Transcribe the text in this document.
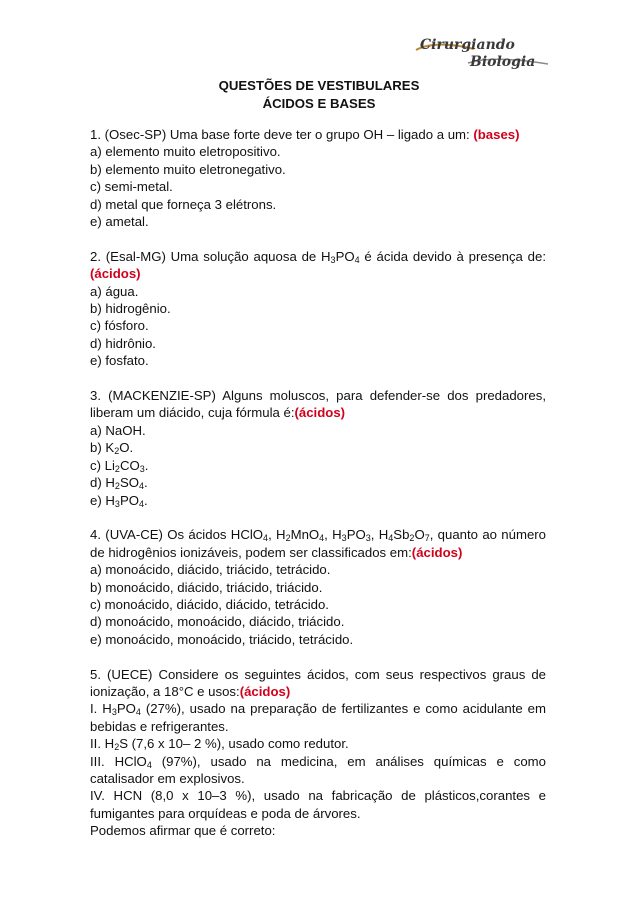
Cirurgiando
Biologia
QUESTÕES DE VESTIBULARES
ÁCIDOS E BASES

1. (Osec-SP) Uma base forte deve ter o grupo OH – ligado a um: (bases)

a) elemento muito eletropositivo.

b) elemento muito eletronegativo.

c) semi-metal.

d) metal que forneça 3 elétrons.

e) ametal.

2. (Esal-MG) Uma solução aquosa de $H_3PO_4$ é ácida devido à presença de: (ácidos)

a) água.

b) hidrogênio.

c) fósforo.

d) hidrônio.

e) fosfato.

3. (MACKENZIE-SP) Alguns moluscos, para defender-se dos predadores, liberam um diácido, cuja fórmula é:(ácidos)

a) NaOH.

b) $K_2O$.

c) $Li_2CO_3$.

d) $H_2SO_4$.

e) $H_3PO_4$.

4. (UVA-CE) Os ácidos HClO$_4$, $H_2MnO_4$, $H_3PO_3$, $H_4Sb_2O_7$, quanto ao número de hidrogênios ionizáveis, podem ser classificados em:(ácidos)

a) monoácido, diácido, triácido, tetrácido.

b) monoácido, diácido, triácido, triácido.

c) monoácido, diácido, diácido, tetrácido.

d) monoácido, monoácido, diácido, triácido.

e) monoácido, monoácido, triácido, tetrácido.

5. (UECE) Considere os seguintes ácidos, com seus respectivos graus de ionização, a 18°C e usos:(ácidos)

I. $H_3PO_4$ (27%), usado na preparação de fertilizantes e como acidulante em bebidas e refrigerantes.

II. $H_2S$ (7,6 x 10– 2 %), usado como redutor.

III. HClO$_4$ (97%), usado na medicina, em análises químicas e como catalisador em explosivos.

IV. HCN (8,0 x 10–3 %), usado na fabricação de plásticos,corantes e fumigantes para orquídeas e poda de árvores.

Podemos afirmar que é correto:
